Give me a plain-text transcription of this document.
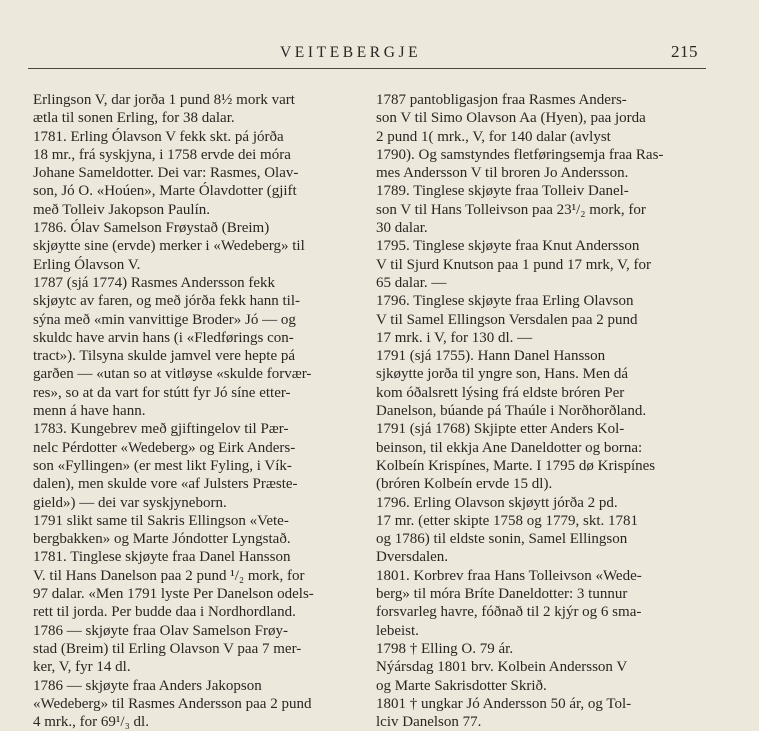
VEITEBERGJE	215
Erlingson V, dar jorða 1 pund 8½ mork vart
ætla til sonen Erling, for 38 dalar.
1781. Erling Ólavson V fekk skt. pá jórða
18 mr., frá syskjyna, i 1758 ervde dei móra
Johane Sameldotter. Dei var: Rasmes, Olav-
son, Jó O. «Hoúen», Marte Ólavdotter (gjift
með Tolleiv Jakopson Paulín.
1786. Ólav Samelson Frøystað (Breim)
skjøytte sine (ervde) merker i «Wedeberg» til
Erling Ólavson V.
1787 (sjá 1774) Rasmes Andersson fekk
skjøytc av faren, og með jórða fekk hann til-
sýna með «min vanvittige Broder» Jó — og
skuldc have arvin hans (i «Fledførings con-
tract»). Tilsyna skulde jamvel vere hepte pá
garðen — «utan so at vitløyse «skulde forvær-
res», so at da vart for stútt fyr Jó síne etter-
menn á have hann.
1783. Kungebrev með gjiftingelov til Pær-
nelc Pérdotter «Wedeberg» og Eirk Anders-
son «Fyllingen» (er mest likt Fyling, i Vík-
dalen), men skulde vore «af Julsters Præste-
gield») — dei var syskjyneborn.
1791 slikt same til Sakris Ellingson «Vete-
bergbakken» og Marte Jóndotter Lyngstað.
1781. Tinglese skjøyte fraa Danel Hansson
V. til Hans Danelson paa 2 pund ¹/₂ mork, for
97 dalar. «Men 1791 lyste Per Danelson odels-
rett til jorda. Per budde daa i Nordhordland.
1786 — skjøyte fraa Olav Samelson Frøy-
stad (Breim) til Erling Olavson V paa 7 mer-
ker, V, fyr 14 dl.
1786 — skjøyte fraa Anders Jakopson
«Wedeberg» til Rasmes Andersson paa 2 pund
4 mrk., for 69¹/₃ dl.
1787 pantobligasjon fraa Rasmes Anders-
son V til Simo Olavson Aa (Hyen), paa jorda
2 pund 1( mrk., V, for 140 dalar (avlyst
1790). Og samstyndes fletføringsemja fraa Ras-
mes Andersson V til broren Jo Andersson.
1789. Tinglese skjøyte fraa Tolleiv Danel-
son V til Hans Tolleivson paa 23¹/₂ mork, for
30 dalar.
1795. Tinglese skjøyte fraa Knut Andersson
V til Sjurd Knutson paa 1 pund 17 mrk, V, for
65 dalar. —
1796. Tinglese skjøyte fraa Erling Olavson
V til Samel Ellingson Versdalen paa 2 pund
17 mrk. i V, for 130 dl. —
1791 (sjá 1755). Hann Danel Hansson
sjkøytte jorða til yngre son, Hans. Men dá
kom óðalsrett lýsing frá eldste bróren Per
Danelson, búande pá Thaúle i Norðhorðland.
1791 (sjá 1768) Skjipte etter Anders Kol-
beinson, til ekkja Ane Daneldotter og borna:
Kolbeín Krispínes, Marte. I 1795 dø Krispínes
(bróren Kolbeín ervde 15 dl).
1796. Erling Olavson skjøytt jórða 2 pd.
17 mr. (etter skipte 1758 og 1779, skt. 1781
og 1786) til eldste sonin, Samel Ellingson
Dversdalen.
1801. Korbrev fraa Hans Tolleivson «Wede-
berg» til móra Bríte Daneldotter: 3 tunnur
forsvarleg havre, fóðnað til 2 kjýr og 6 sma-
lebeist.
1798 † Elling O. 79 ár.
Nýársdag 1801 brv. Kolbein Andersson V
og Marte Sakrisdotter Skrið.
1801 † ungkar Jó Andersson 50 ár, og Tol-
lciv Danelson 77.
